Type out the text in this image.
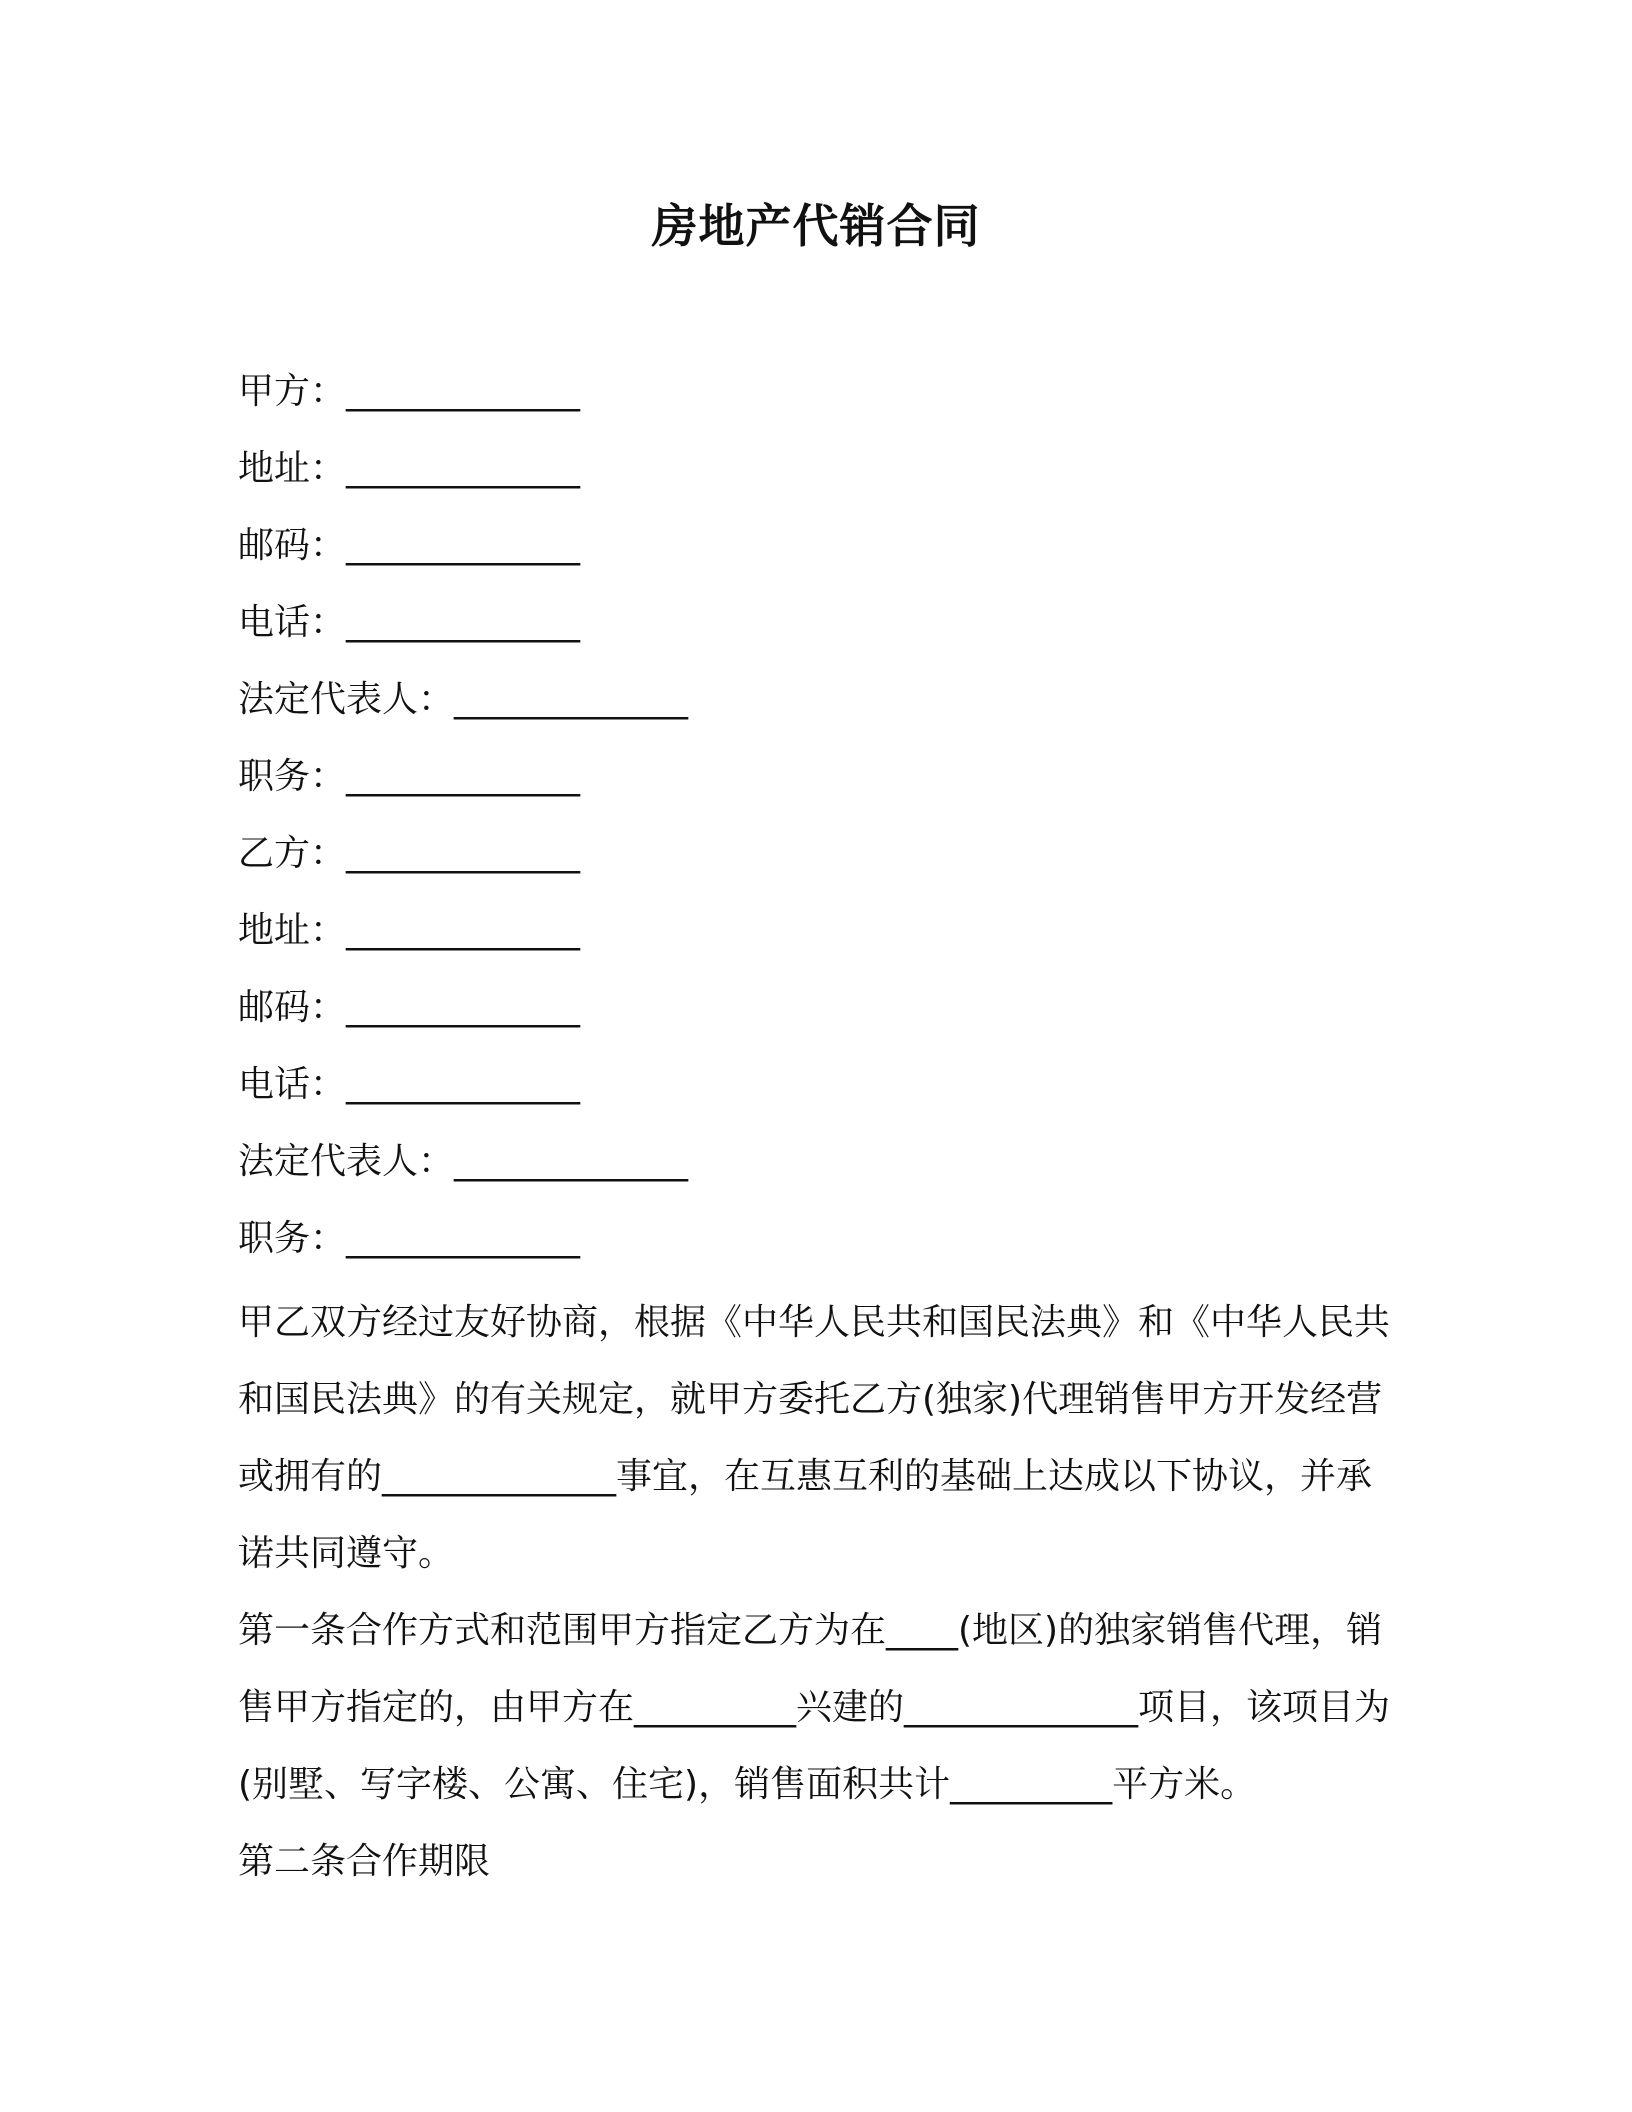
房地产代销合同
甲方：_____________
地址：_____________
邮码：_____________
电话：_____________
法定代表人：_____________
职务：_____________
乙方：_____________
地址：_____________
邮码：_____________
电话：_____________
法定代表人：_____________
职务：_____________

甲乙双方经过友好协商，根据《中华人民共和国民法典》和《中华人民共和国民法典》的有关规定，就甲方委托乙方(独家)代理销售甲方开发经营或拥有的_____________事宜，在互惠互利的基础上达成以下协议，并承诺共同遵守。

第一条合作方式和范围甲方指定乙方为在____(地区)的独家销售代理，销售甲方指定的，由甲方在_________兴建的_____________项目，该项目为(别墅、写字楼、公寓、住宅)，销售面积共计_________平方米。

第二条合作期限
